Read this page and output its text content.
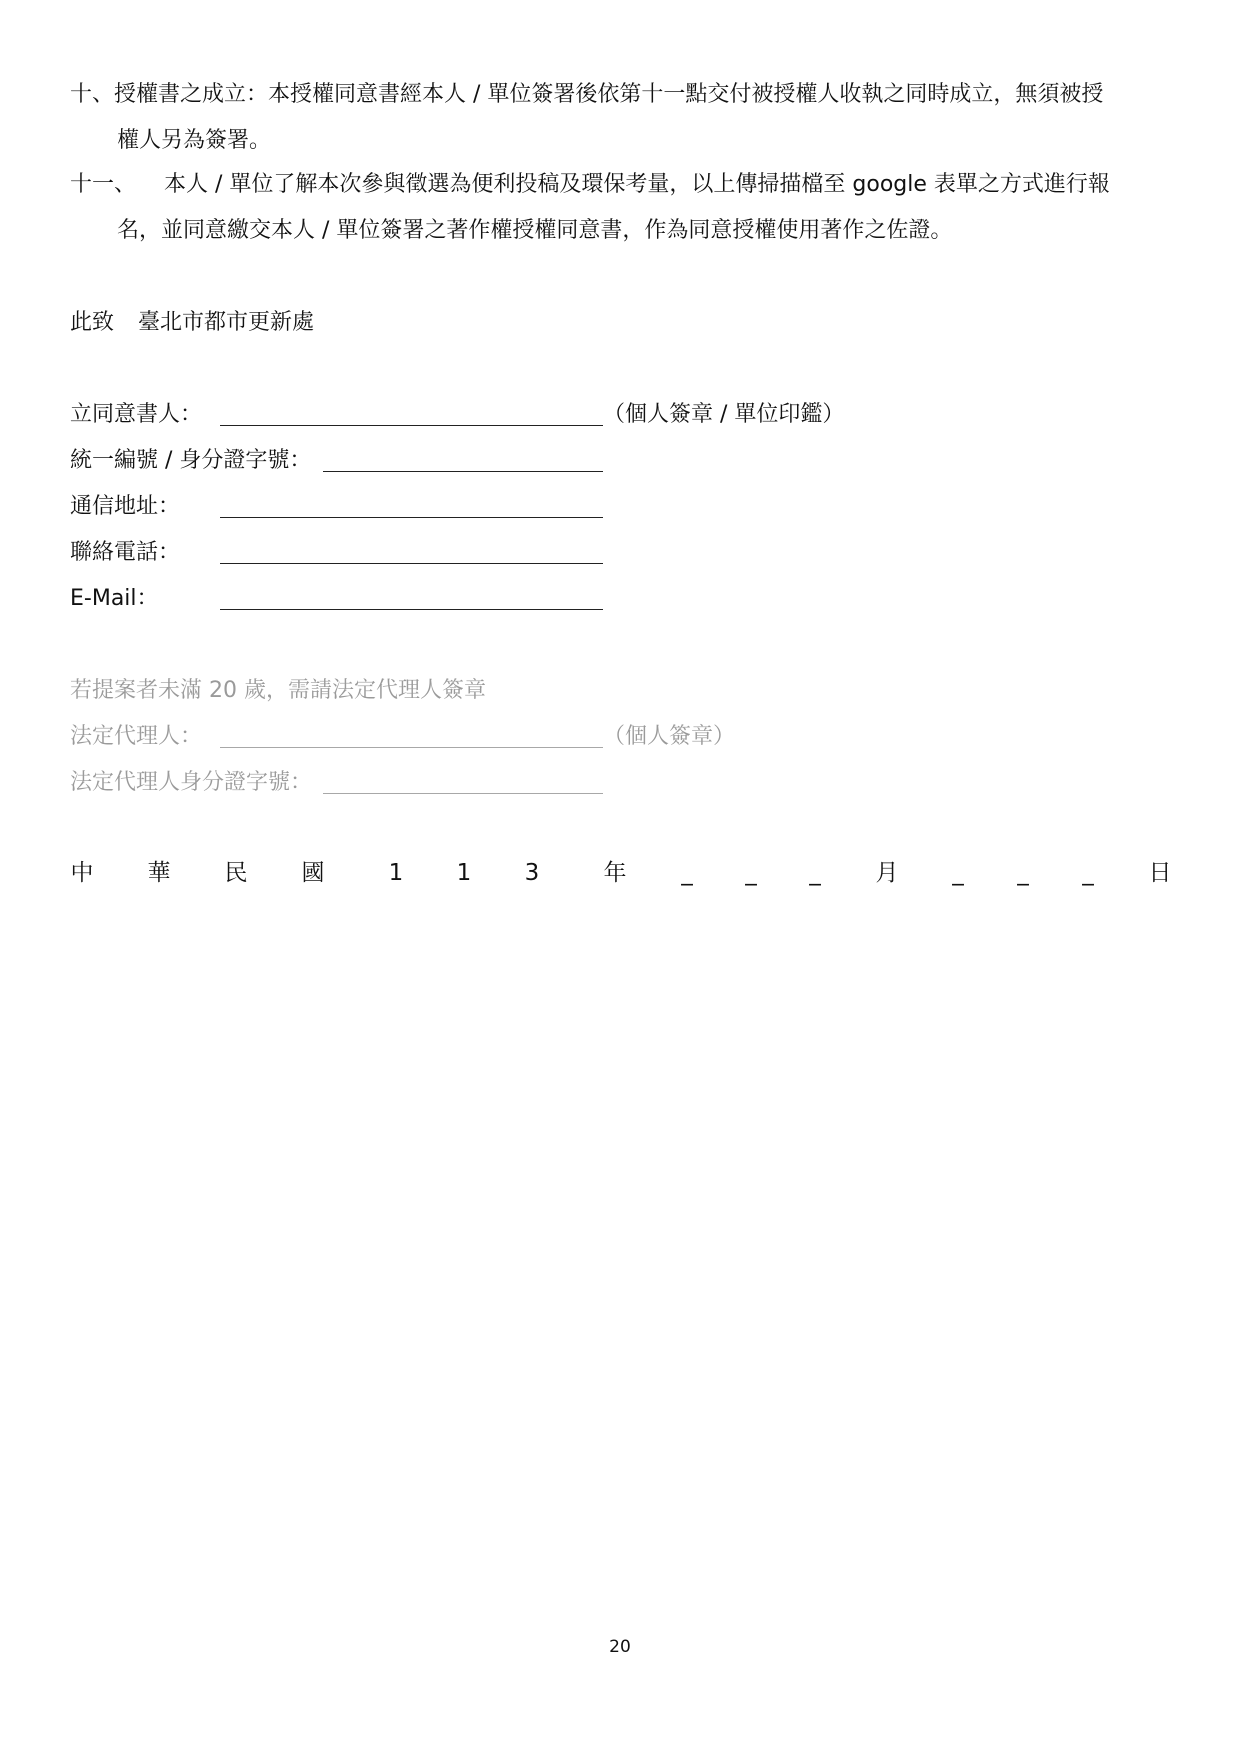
十、授權書之成立：本授權同意書經本人 / 單位簽署後依第十一點交付被授權人收執之同時成立，無須被授
權人另為簽署。
十一、 本人 / 單位了解本次參與徵選為便利投稿及環保考量，以上傳掃描檔至 google 表單之方式進行報
名，並同意繳交本人 / 單位簽署之著作權授權同意書，作為同意授權使用著作之佐證。
此致 臺北市都市更新處
立同意書人：	（個人簽章 / 單位印鑑）
統一編號 / 身分證字號：
通信地址：
聯絡電話：
E-Mail：
若提案者未滿 20 歲，需請法定代理人簽章
法定代理人：	（個人簽章）
法定代理人身分證字號：
中 華 民 國	1 1 3	年 _ _ _ 月 _ _ _ 日
20
